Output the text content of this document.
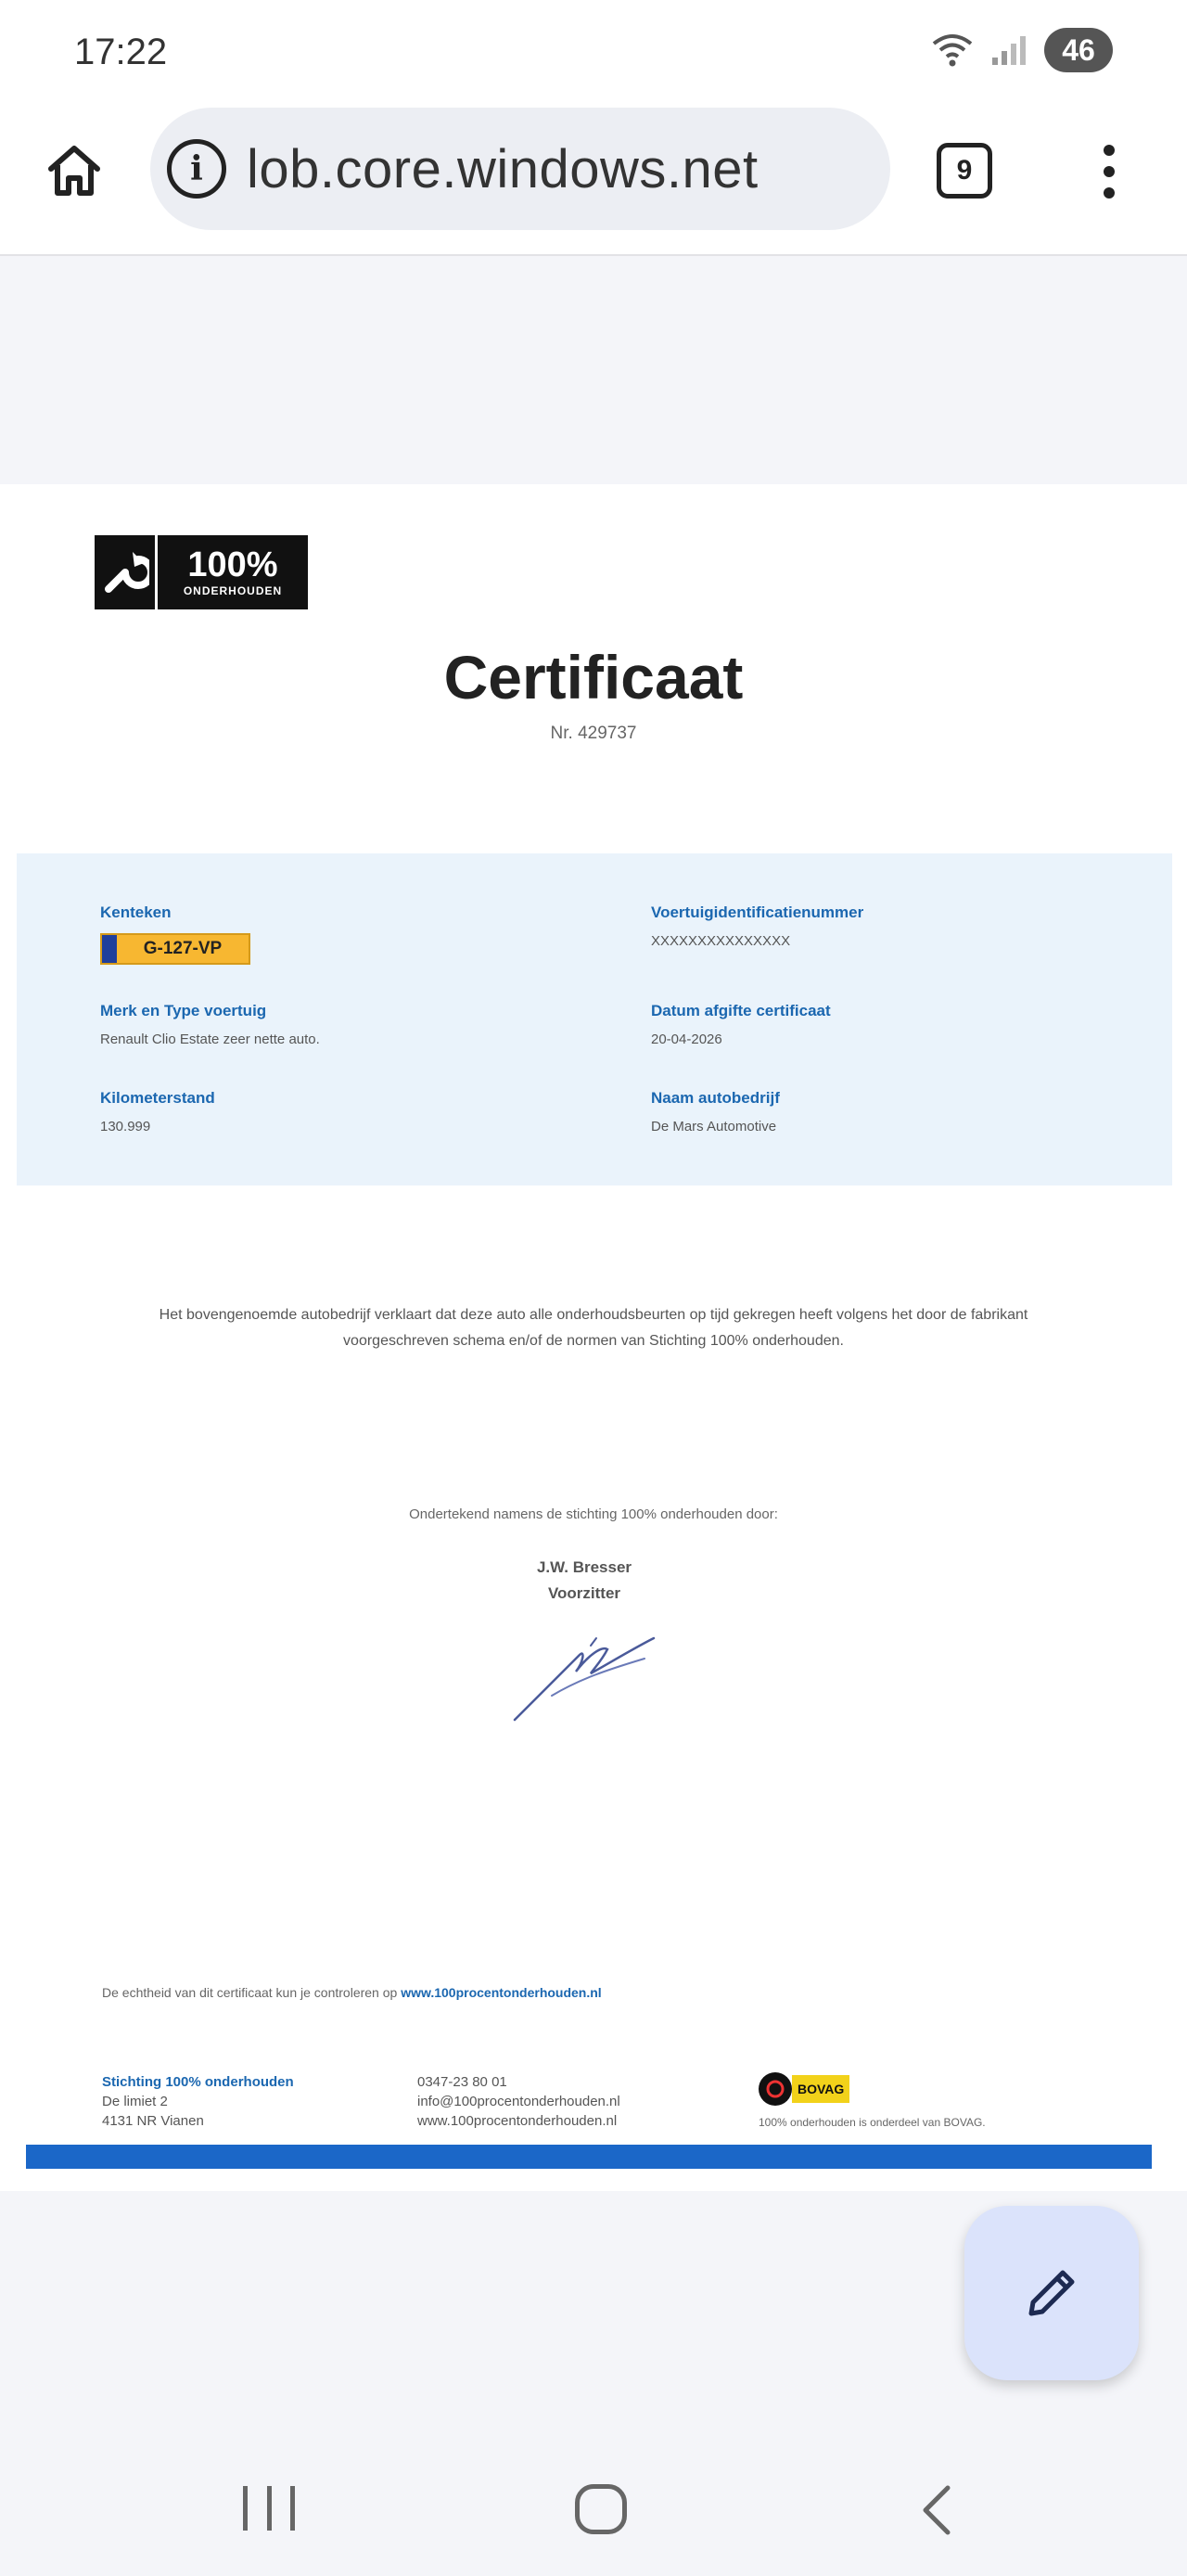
17:22	46
i lob.core.windows.net	9
100%
ONDERHOUDEN
Certificaat
Nr. 429737
Kenteken
G-127-VP
Voertuigidentificatienummer
XXXXXXXXXXXXXXX
Merk en Type voertuig
Renault Clio Estate zeer nette auto.
Datum afgifte certificaat
20-04-2026
Kilometerstand
130.999
Naam autobedrijf
De Mars Automotive
Het bovengenoemde autobedrijf verklaart dat deze auto alle onderhoudsbeurten op tijd gekregen heeft volgens het door de fabrikant
voorgeschreven schema en/of de normen van Stichting 100% onderhouden.
Ondertekend namens de stichting 100% onderhouden door:
J.W. Bresser
Voorzitter
De echtheid van dit certificaat kun je controleren op www.100procentonderhouden.nl
Stichting 100% onderhouden
De limiet 2
4131 NR Vianen
0347-23 80 01
info@100procentonderhouden.nl
www.100procentonderhouden.nl
BOVAG
100% onderhouden is onderdeel van BOVAG.
